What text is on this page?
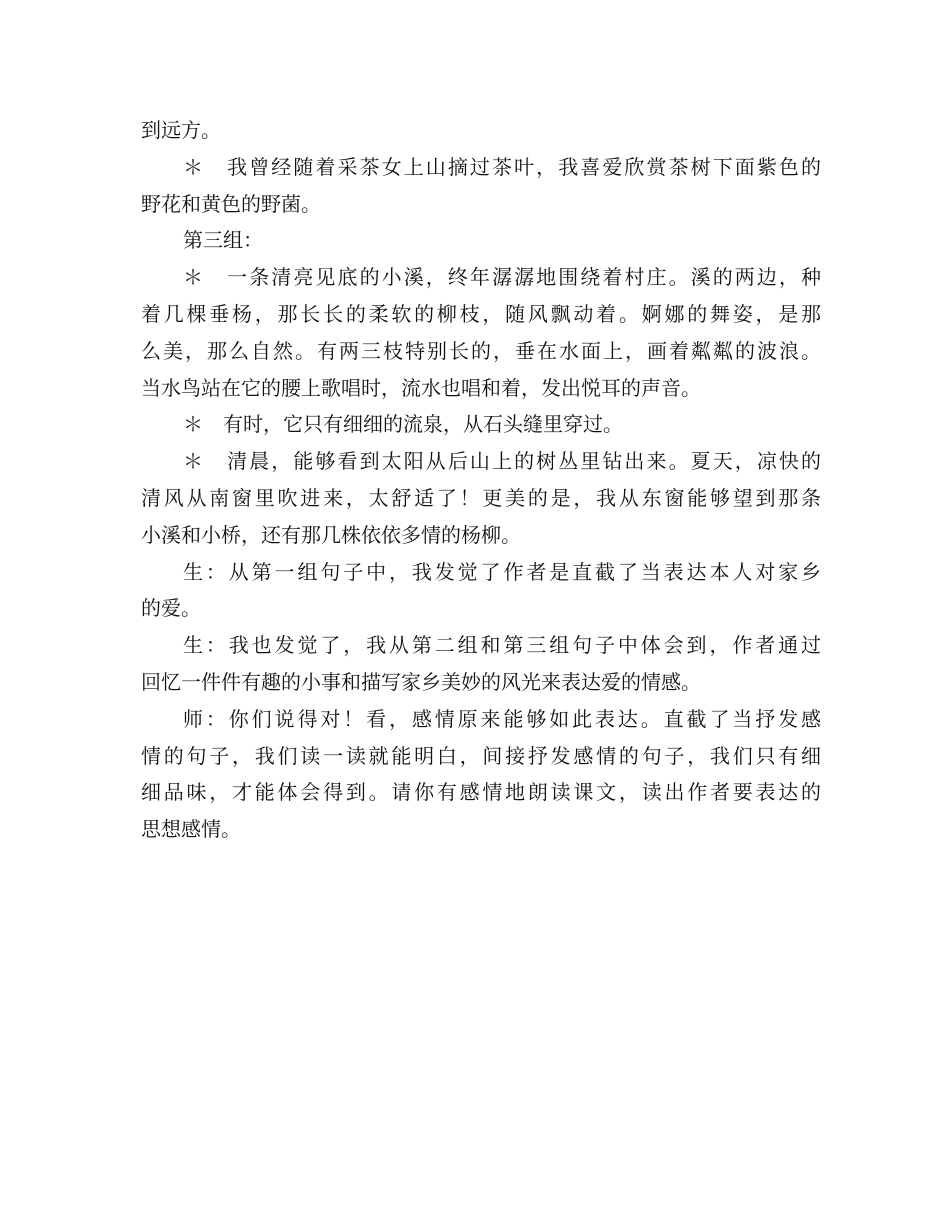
到远方。
＊　我曾经随着采茶女上山摘过茶叶，我喜爱欣赏茶树下面紫色的
野花和黄色的野菌。
第三组：
＊　一条清亮见底的小溪，终年潺潺地围绕着村庄。溪的两边，种
着几棵垂杨，那长长的柔软的柳枝，随风飘动着。婀娜的舞姿，是那
么美，那么自然。有两三枝特别长的，垂在水面上，画着粼粼的波浪。
当水鸟站在它的腰上歌唱时，流水也唱和着，发出悦耳的声音。
＊　有时，它只有细细的流泉，从石头缝里穿过。
＊　清晨，能够看到太阳从后山上的树丛里钻出来。夏天，凉快的
清风从南窗里吹进来，太舒适了！更美的是，我从东窗能够望到那条
小溪和小桥，还有那几株依依多情的杨柳。
生：从第一组句子中，我发觉了作者是直截了当表达本人对家乡
的爱。
生：我也发觉了，我从第二组和第三组句子中体会到，作者通过
回忆一件件有趣的小事和描写家乡美妙的风光来表达爱的情感。
师：你们说得对！看，感情原来能够如此表达。直截了当抒发感
情的句子，我们读一读就能明白，间接抒发感情的句子，我们只有细
细品味，才能体会得到。请你有感情地朗读课文，读出作者要表达的
思想感情。
